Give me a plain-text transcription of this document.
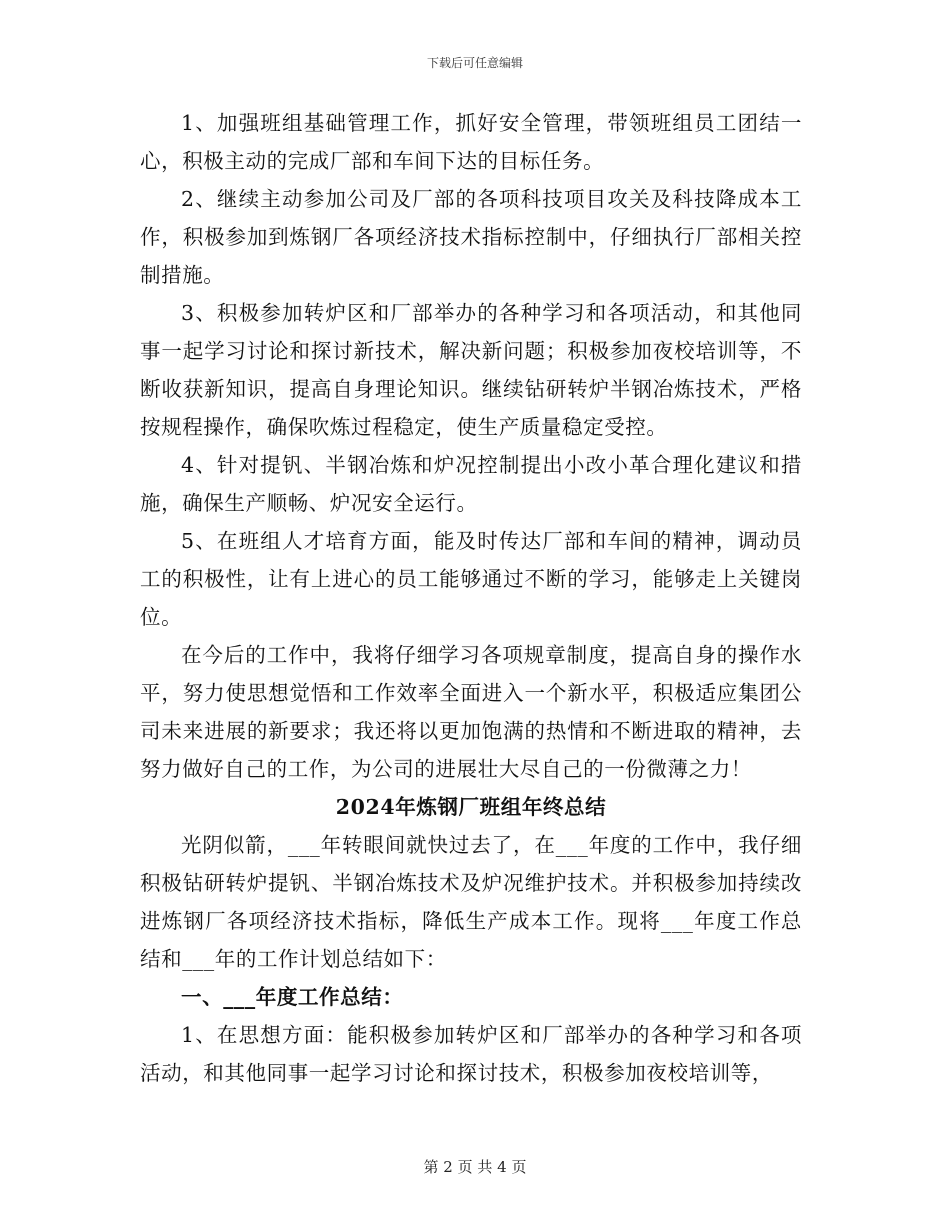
下载后可任意编辑

1、加强班组基础管理工作，抓好安全管理，带领班组员工团结一心，积极主动的完成厂部和车间下达的目标任务。

2、继续主动参加公司及厂部的各项科技项目攻关及科技降成本工作，积极参加到炼钢厂各项经济技术指标控制中，仔细执行厂部相关控制措施。

3、积极参加转炉区和厂部举办的各种学习和各项活动，和其他同事一起学习讨论和探讨新技术，解决新问题；积极参加夜校培训等，不断收获新知识，提高自身理论知识。继续钻研转炉半钢冶炼技术，严格按规程操作，确保吹炼过程稳定，使生产质量稳定受控。

4、针对提钒、半钢冶炼和炉况控制提出小改小革合理化建议和措施，确保生产顺畅、炉况安全运行。

5、在班组人才培育方面，能及时传达厂部和车间的精神，调动员工的积极性，让有上进心的员工能够通过不断的学习，能够走上关键岗位。

在今后的工作中，我将仔细学习各项规章制度，提高自身的操作水平，努力使思想觉悟和工作效率全面进入一个新水平，积极适应集团公司未来进展的新要求；我还将以更加饱满的热情和不断进取的精神，去努力做好自己的工作，为公司的进展壮大尽自己的一份微薄之力！

2024年炼钢厂班组年终总结

光阴似箭，___年转眼间就快过去了，在___年度的工作中，我仔细积极钻研转炉提钒、半钢冶炼技术及炉况维护技术。并积极参加持续改进炼钢厂各项经济技术指标，降低生产成本工作。现将___年度工作总结和___年的工作计划总结如下：

一、___年度工作总结：

1、在思想方面：能积极参加转炉区和厂部举办的各种学习和各项活动，和其他同事一起学习讨论和探讨技术，积极参加夜校培训等，

第 2 页 共 4 页
